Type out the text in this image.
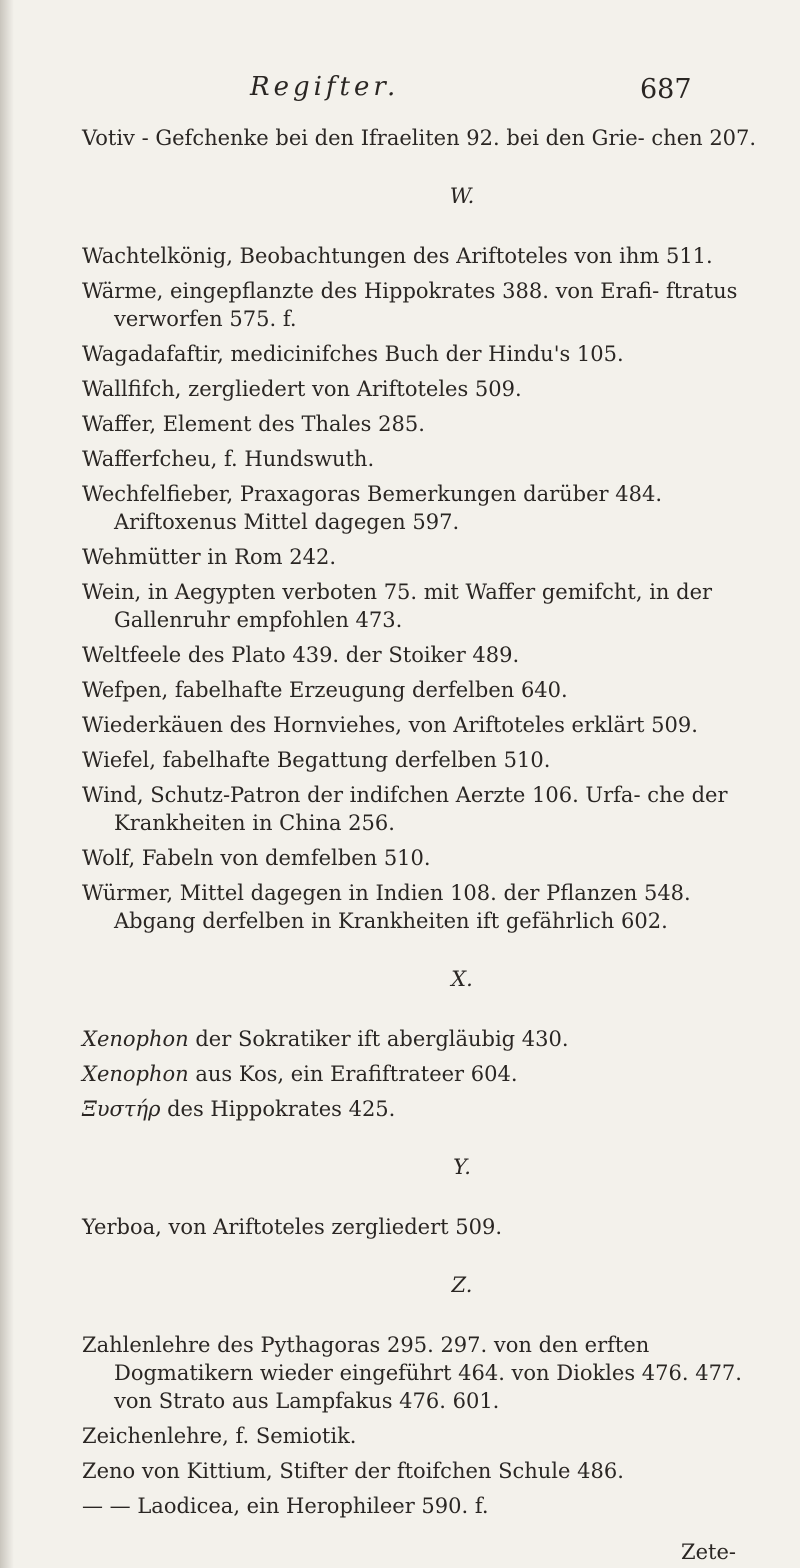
Regifter.	687

Votiv - Gefchenke bei den Ifraeliten 92. bei den Grie- chen 207.

W.

Wachtelkönig, Beobachtungen des Ariftoteles von ihm 511.

Wärme, eingepflanzte des Hippokrates 388. von Erafi- ftratus verworfen 575. f.

Wagadafaftir, medicinifches Buch der Hindu's 105.

Wallfifch, zergliedert von Ariftoteles 509.

Waffer, Element des Thales 285.

Wafferfcheu, f. Hundswuth.

Wechfelfieber, Praxagoras Bemerkungen darüber 484. Ariftoxenus Mittel dagegen 597.

Wehmütter in Rom 242.

Wein, in Aegypten verboten 75. mit Waffer gemifcht, in der Gallenruhr empfohlen 473.

Weltfeele des Plato 439. der Stoiker 489.

Wefpen, fabelhafte Erzeugung derfelben 640.

Wiederkäuen des Hornviehes, von Ariftoteles erklärt 509.

Wiefel, fabelhafte Begattung derfelben 510.

Wind, Schutz-Patron der indifchen Aerzte 106. Urfa- che der Krankheiten in China 256.

Wolf, Fabeln von demfelben 510.

Würmer, Mittel dagegen in Indien 108. der Pflanzen 548. Abgang derfelben in Krankheiten ift gefährlich 602.

X.

Xenophon der Sokratiker ift abergläubig 430.

Xenophon aus Kos, ein Erafiftrateer 604.

Ξυστήρ des Hippokrates 425.

Y.

Yerboa, von Ariftoteles zergliedert 509.

Z.

Zahlenlehre des Pythagoras 295. 297. von den erften Dogmatikern wieder eingeführt 464. von Diokles 476. 477. von Strato aus Lampfakus 476. 601.

Zeichenlehre, f. Semiotik.

Zeno von Kittium, Stifter der ftoifchen Schule 486.

— — Laodicea, ein Herophileer 590. f.

Zete-
